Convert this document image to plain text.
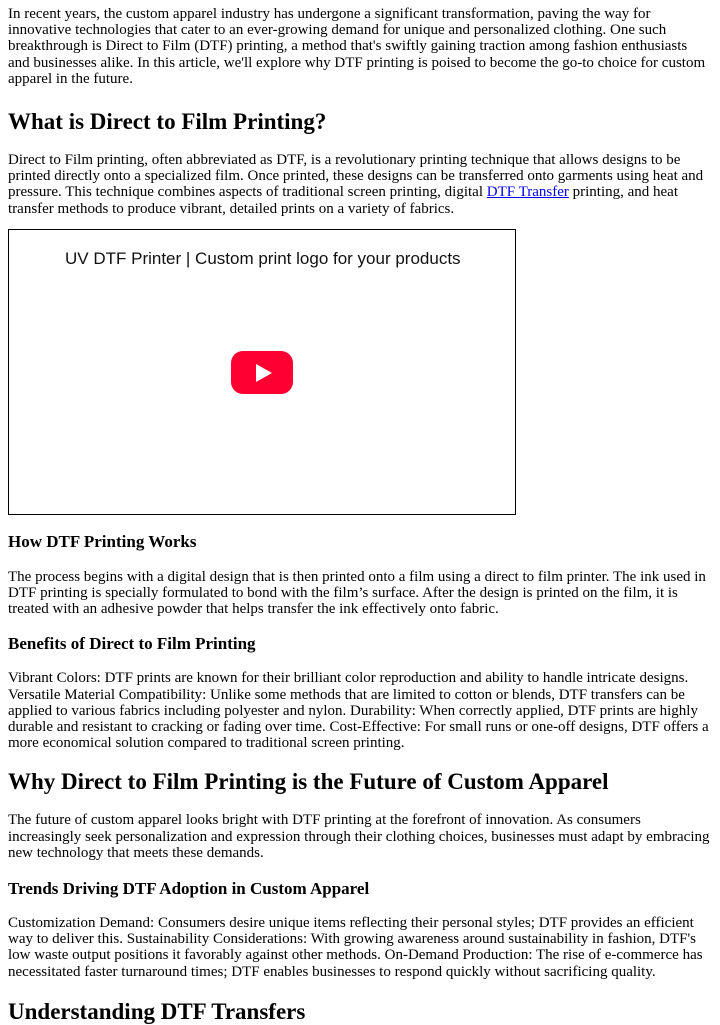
In recent years, the custom apparel industry has undergone a significant transformation, paving the way for innovative technologies that cater to an ever-growing demand for unique and personalized clothing. One such breakthrough is Direct to Film (DTF) printing, a method that's swiftly gaining traction among fashion enthusiasts and businesses alike. In this article, we'll explore why DTF printing is poised to become the go-to choice for custom apparel in the future.

What is Direct to Film Printing?

Direct to Film printing, often abbreviated as DTF, is a revolutionary printing technique that allows designs to be printed directly onto a specialized film. Once printed, these designs can be transferred onto garments using heat and pressure. This technique combines aspects of traditional screen printing, digital DTF Transfer printing, and heat transfer methods to produce vibrant, detailed prints on a variety of fabrics.

UV DTF Printer | Custom print logo for your products
How DTF Printing Works

The process begins with a digital design that is then printed onto a film using a direct to film printer. The ink used in DTF printing is specially formulated to bond with the film’s surface. After the design is printed on the film, it is treated with an adhesive powder that helps transfer the ink effectively onto fabric.

Benefits of Direct to Film Printing

Vibrant Colors: DTF prints are known for their brilliant color reproduction and ability to handle intricate designs. Versatile Material Compatibility: Unlike some methods that are limited to cotton or blends, DTF transfers can be applied to various fabrics including polyester and nylon. Durability: When correctly applied, DTF prints are highly durable and resistant to cracking or fading over time. Cost-Effective: For small runs or one-off designs, DTF offers a more economical solution compared to traditional screen printing.

Why Direct to Film Printing is the Future of Custom Apparel

The future of custom apparel looks bright with DTF printing at the forefront of innovation. As consumers increasingly seek personalization and expression through their clothing choices, businesses must adapt by embracing new technology that meets these demands.

Trends Driving DTF Adoption in Custom Apparel

Customization Demand: Consumers desire unique items reflecting their personal styles; DTF provides an efficient way to deliver this. Sustainability Considerations: With growing awareness around sustainability in fashion, DTF's low waste output positions it favorably against other methods. On-Demand Production: The rise of e-commerce has necessitated faster turnaround times; DTF enables businesses to respond quickly without sacrificing quality.

Understanding DTF Transfers
